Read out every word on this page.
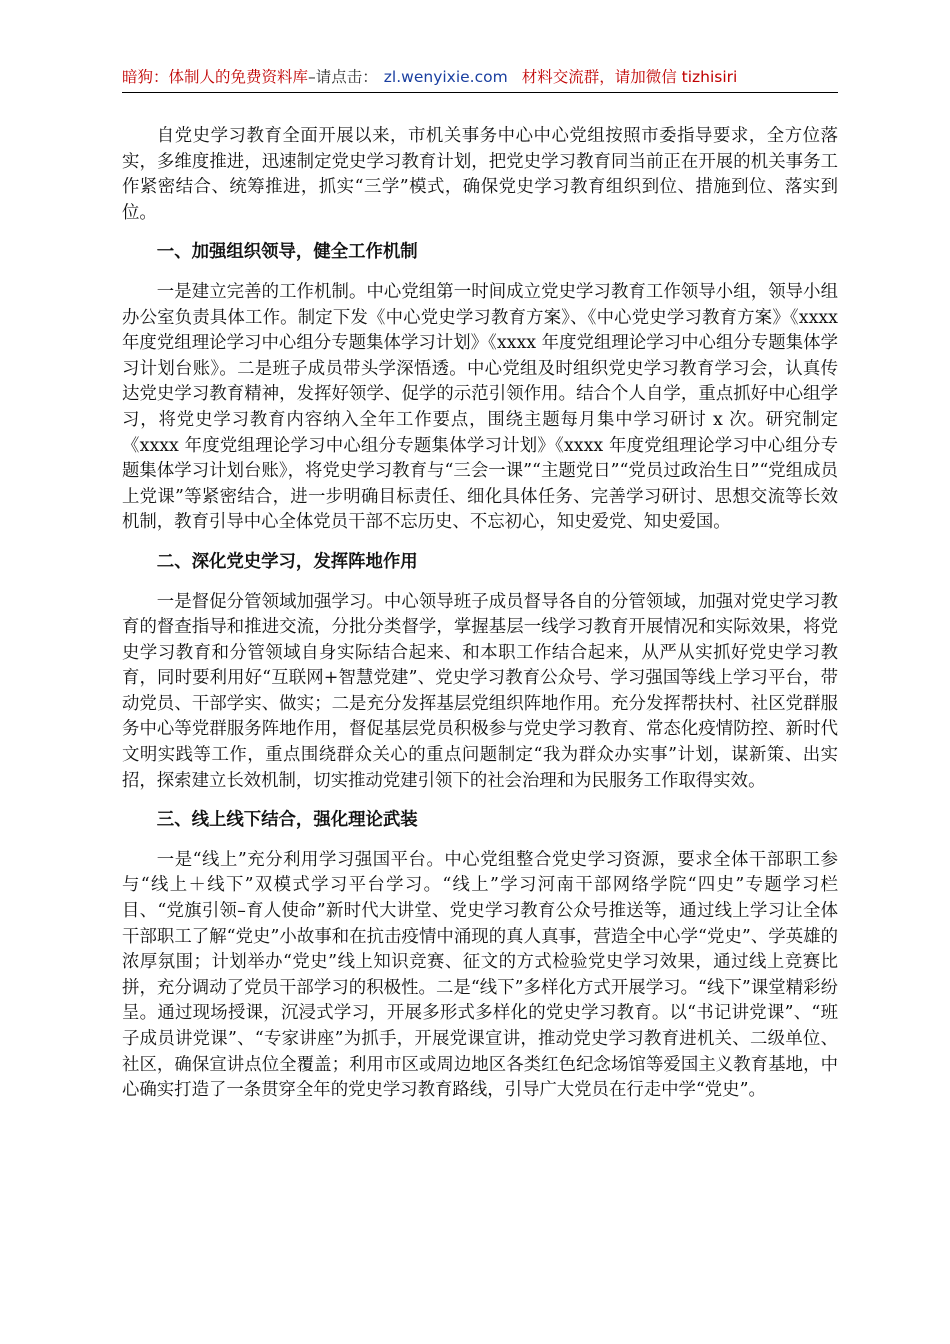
暗狗：体制人的免费资料库 –请点击： zl.wenyixie.com 材料交流群，请加微信 tizhisiri

自党史学习教育全面开展以来，市机关事务中心中心党组按照市委指导要求，全方位落实，多维度推进，迅速制定党史学习教育计划，把党史学习教育同当前正在开展的机关事务工作紧密结合、统筹推进，抓实“三学”模式，确保党史学习教育组织到位、措施到位、落实到位。

一、加强组织领导，健全工作机制

一是建立完善的工作机制。中心党组第一时间成立党史学习教育工作领导小组，领导小组办公室负责具体工作。制定下发《中心党史学习教育方案》、《中心党史学习教育方案》《xxxx 年度党组理论学习中心组分专题集体学习计划》《xxxx 年度党组理论学习中心组分专题集体学习计划台账》。二是班子成员带头学深悟透。中心党组及时组织党史学习教育学习会，认真传达党史学习教育精神，发挥好领学、促学的示范引领作用。结合个人自学，重点抓好中心组学习，将党史学习教育内容纳入全年工作要点，围绕主题每月集中学习研讨 x 次。研究制定《xxxx 年度党组理论学习中心组分专题集体学习计划》《xxxx 年度党组理论学习中心组分专题集体学习计划台账》，将党史学习教育与“三会一课”“主题党日”“党员过政治生日”“党组成员上党课”等紧密结合，进一步明确目标责任、细化具体任务、完善学习研讨、思想交流等长效机制，教育引导中心全体党员干部不忘历史、不忘初心，知史爱党、知史爱国。

二、深化党史学习，发挥阵地作用

一是督促分管领域加强学习。中心领导班子成员督导各自的分管领域，加强对党史学习教育的督查指导和推进交流，分批分类督学，掌握基层一线学习教育开展情况和实际效果，将党史学习教育和分管领域自身实际结合起来、和本职工作结合起来，从严从实抓好党史学习教育，同时要利用好“互联网+智慧党建”、党史学习教育公众号、学习强国等线上学习平台，带动党员、干部学实、做实；二是充分发挥基层党组织阵地作用。充分发挥帮扶村、社区党群服务中心等党群服务阵地作用，督促基层党员积极参与党史学习教育、常态化疫情防控、新时代文明实践等工作，重点围绕群众关心的重点问题制定“我为群众办实事”计划，谋新策、出实招，探索建立长效机制，切实推动党建引领下的社会治理和为民服务工作取得实效。

三、线上线下结合，强化理论武装

一是“线上”充分利用学习强国平台。中心党组整合党史学习资源，要求全体干部职工参与“线上＋线下”双模式学习平台学习。“线上”学习河南干部网络学院“四史”专题学习栏目、“党旗引领–育人使命”新时代大讲堂、党史学习教育公众号推送等，通过线上学习让全体干部职工了解“党史”小故事和在抗击疫情中涌现的真人真事，营造全中心学“党史”、学英雄的浓厚氛围；计划举办“党史”线上知识竞赛、征文的方式检验党史学习效果，通过线上竞赛比拼，充分调动了党员干部学习的积极性。二是“线下”多样化方式开展学习。“线下”课堂精彩纷呈。通过现场授课，沉浸式学习，开展多形式多样化的党史学习教育。以“书记讲党课”、“班子成员讲党课”、“专家讲座”为抓手，开展党课宣讲，推动党史学习教育进机关、二级单位、社区，确保宣讲点位全覆盖；利用市区或周边地区各类红色纪念场馆等爱国主义教育基地，中心确实打造了一条贯穿全年的党史学习教育路线，引导广大党员在行走中学“党史”。
